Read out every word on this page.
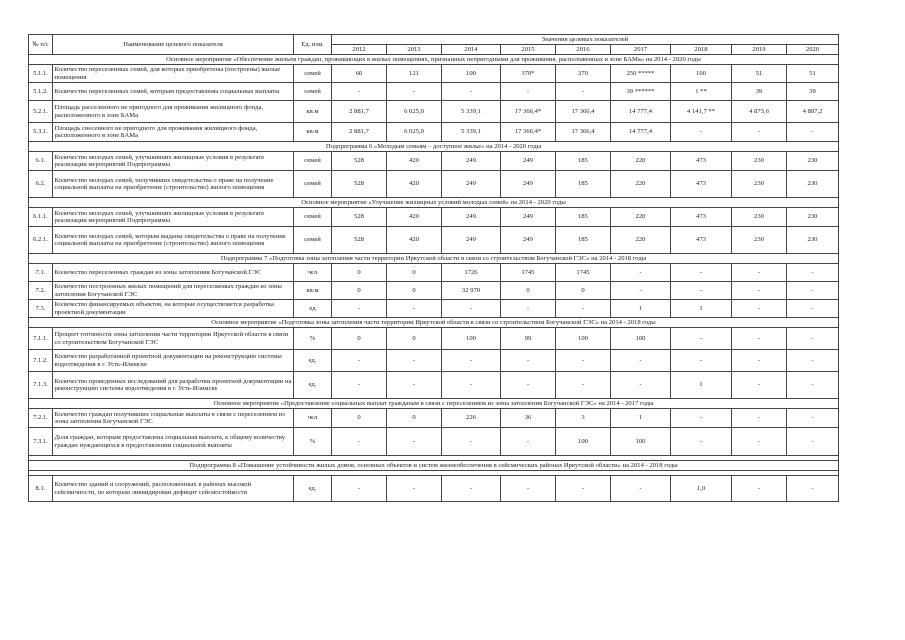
№ п/с	Наименование целевого показателя	Ед. изм.	Значения целевых показателей								
			2012	2013	2014	2015	2016	2017	2018	2019	2020
Основное мероприятие «Обеспечение жильем граждан, проживающих в жилых помещениях, признанных непригодными для проживания, расположенных в зоне БАМа» на 2014 - 2020 годы											
5.1.1.	Количество переселенных семей, для которых приобретены (построены) жилые помещения	семей	60	121	100	370*	370	250 *****	100	51	51
5.1.2.	Количество переселенных семей, которым предоставлены социальные выплаты	семей	-	-	-	-	-	39 ******	1 **	39	39
5.2.1.	Площадь расселенного не пригодного для проживания жилищного фонда, расположенного в зоне БАМа	кв.м	2 881,7	6 025,0	5 339,1	17 366,4*	17 366,4	14 777,4	4 141,7 **	4 873,6	4 887,2
5.3.1.	Площадь снесенного не пригодного для проживания жилищного фонда, расположенного в зоне БАМа	кв.м	2 881,7	6 025,0	5 339,1	17 366,4*	17 366,4	14 777,4	-	-	-
Подпрограмма 6 «Молодым семьям – доступное жилье» на 2014 - 2020 годы											
6.1.	Количество молодых семей, улучшивших жилищные условия в результате реализации мероприятий Подпрограммы	семей	528	420	249	249	185	220	473	230	230
6.2.	Количество молодых семей, получивших свидетельства о праве на получение социальной выплаты на приобретение (строительство) жилого помещения	семей	528	420	249	249	185	220	473	230	230
Основное мероприятие «Улучшение жилищных условий молодых семей» на 2014 - 2020 годы											
6.1.1.	Количество молодых семей, улучшивших жилищные условия в результате реализации мероприятий Подпрограммы	семей	528	420	249	249	185	220	473	230	230
6.2.1.	Количество молодых семей, которым выданы свидетельства о праве на получение социальной выплаты на приобретение (строительство) жилого помещения	семей	528	420	249	249	185	220	473	230	230
Подпрограмма 7 «Подготовка зоны затопления части территории Иркутской области в связи со строительством Богучанской ГЭС» на 2014 - 2018 годы											
7.1.	Количество переселенных граждан из зоны затопления Богучанской ГЭС	чел	0	0	1726	1745	1745	-	-	-	-
7.2.	Количество построенных жилых помещений для переселяемых граждан из зоны затопления Богучанской ГЭС	кв.м	0	0	32 970	0	0	-	-	-	-
7.3.	Количество финансируемых объектов, на которые осуществляется разработка проектной документации	ед	-	-	-	-	-	1	1	-	-
Основное мероприятие «Подготовка зоны затопления части территории Иркутской области в связи со строительством Богучанской ГЭС» на 2014 - 2018 годы											
7.1.1.	Процент готовности зоны затопления части территории Иркутской области в связи со строительством Богучанской ГЭС	%	0	0	100	99	100	100	-	-	-
7.1.2.	Количество разработанной проектной документации на реконструкцию системы водоотведения в г. Усть-Илимске	ед.	-	-	-	-	-	-	-	-	-
7.1.3.	Количество проведенных исследований для разработки проектной документации на реконструкцию системы водоотведения в г. Усть-Илимске	ед.	-	-	-	-	-	-	1	-	-
Основное мероприятие «Предоставление социальных выплат гражданам в связи с переселением из зоны затопления Богучанской ГЭС» на 2014 - 2017 годы											
7.2.1.	Количество граждан получивших социальные выплаты в связи с переселением из зоны затопления Богучанской ГЭС	чел	0	0	226	36	3	1	-	-	-
7.3.1.	Доля граждан, которым предоставлена социальная выплата, к общему количеству граждан нуждающихся в предоставлении социальной выплаты	%	-	-	-	-	100	100	-	-	-

Подпрограмма 8 «Повышение устойчивости жилых домов, основных объектов и систем жизнеобеспечения в сейсмических районах Иркутской области» на 2014 - 2018 годы											

8.1.	Количество зданий и сооружений, расположенных в районах высокой сейсмичности, по которым ликвидирован дефицит сейсмостойкости	ед.	-	-	-	-	-	-	1,0	-	-
